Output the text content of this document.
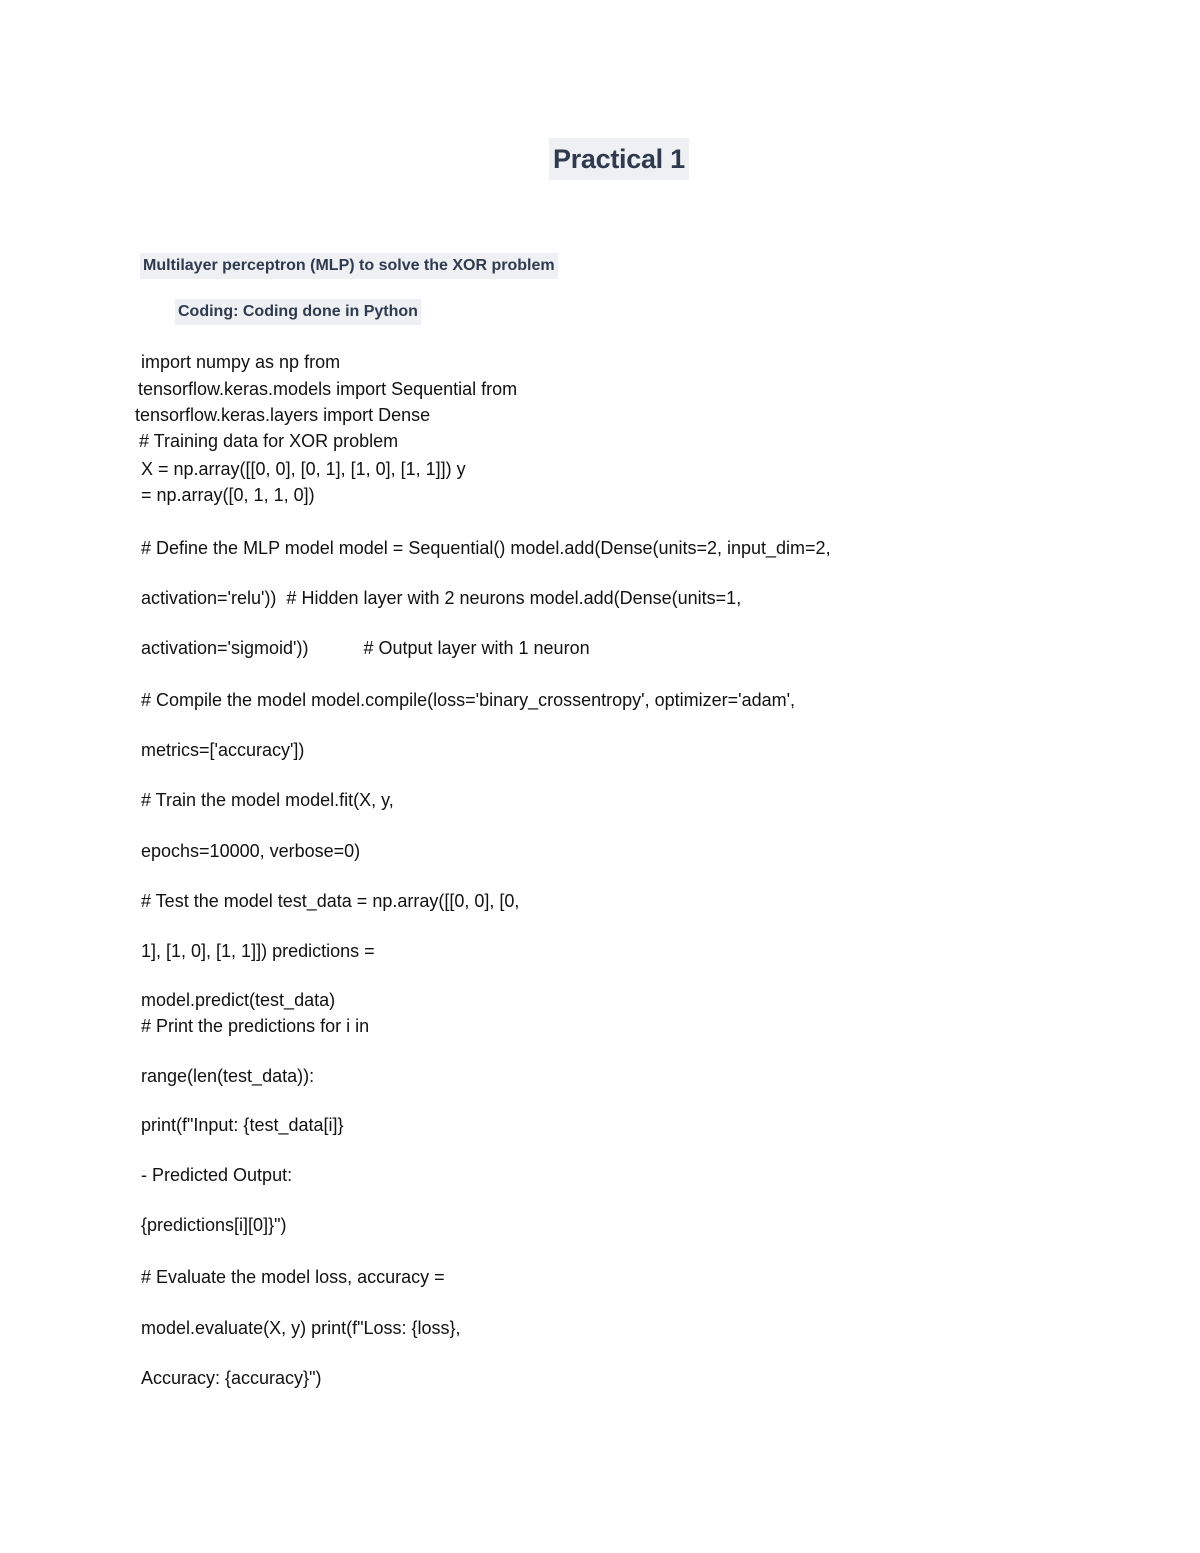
Practical 1
Multilayer perceptron (MLP) to solve the XOR problem
Coding: Coding done in Python
import numpy as np from
tensorflow.keras.models import Sequential from
tensorflow.keras.layers import Dense
# Training data for XOR problem
X = np.array([[0, 0], [0, 1], [1, 0], [1, 1]]) y
= np.array([0, 1, 1, 0])
# Define the MLP model model = Sequential() model.add(Dense(units=2, input_dim=2,
activation='relu'))  # Hidden layer with 2 neurons model.add(Dense(units=1,
activation='sigmoid'))           # Output layer with 1 neuron
# Compile the model model.compile(loss='binary_crossentropy', optimizer='adam',
metrics=['accuracy'])
# Train the model model.fit(X, y,
epochs=10000, verbose=0)
# Test the model test_data = np.array([[0, 0], [0,
1], [1, 0], [1, 1]]) predictions =
model.predict(test_data)
# Print the predictions for i in
range(len(test_data)):
print(f"Input: {test_data[i]}
- Predicted Output:
{predictions[i][0]}")
# Evaluate the model loss, accuracy =
model.evaluate(X, y) print(f"Loss: {loss},
Accuracy: {accuracy}")
